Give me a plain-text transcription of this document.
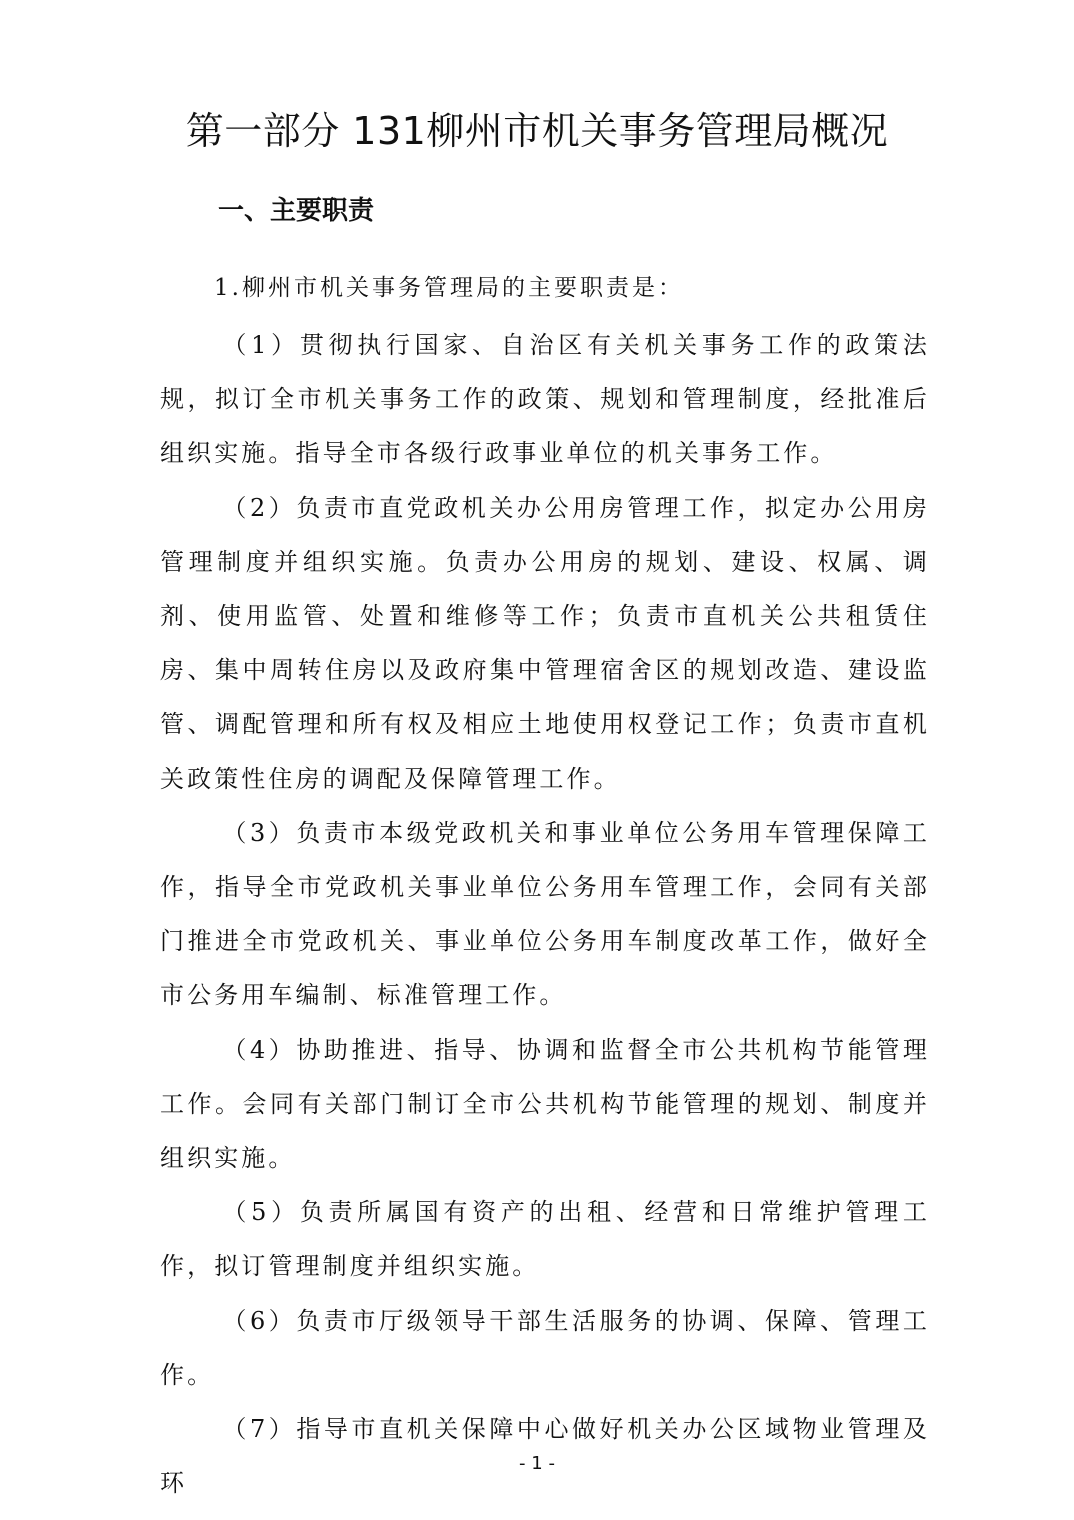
第一部分 131柳州市机关事务管理局概况
一、主要职责
1.柳州市机关事务管理局的主要职责是：

（1）贯彻执行国家、自治区有关机关事务工作的政策法规，拟订全市机关事务工作的政策、规划和管理制度，经批准后组织实施。指导全市各级行政事业单位的机关事务工作。

（2）负责市直党政机关办公用房管理工作，拟定办公用房管理制度并组织实施。负责办公用房的规划、建设、权属、调剂、使用监管、处置和维修等工作；负责市直机关公共租赁住房、集中周转住房以及政府集中管理宿舍区的规划改造、建设监管、调配管理和所有权及相应土地使用权登记工作；负责市直机关政策性住房的调配及保障管理工作。

（3）负责市本级党政机关和事业单位公务用车管理保障工作，指导全市党政机关事业单位公务用车管理工作，会同有关部门推进全市党政机关、事业单位公务用车制度改革工作，做好全市公务用车编制、标准管理工作。

（4）协助推进、指导、协调和监督全市公共机构节能管理工作。会同有关部门制订全市公共机构节能管理的规划、制度并组织实施。

（5）负责所属国有资产的出租、经营和日常维护管理工作，拟订管理制度并组织实施。

（6）负责市厅级领导干部生活服务的协调、保障、管理工作。

（7）指导市直机关保障中心做好机关办公区域物业管理及环

- 1 -
